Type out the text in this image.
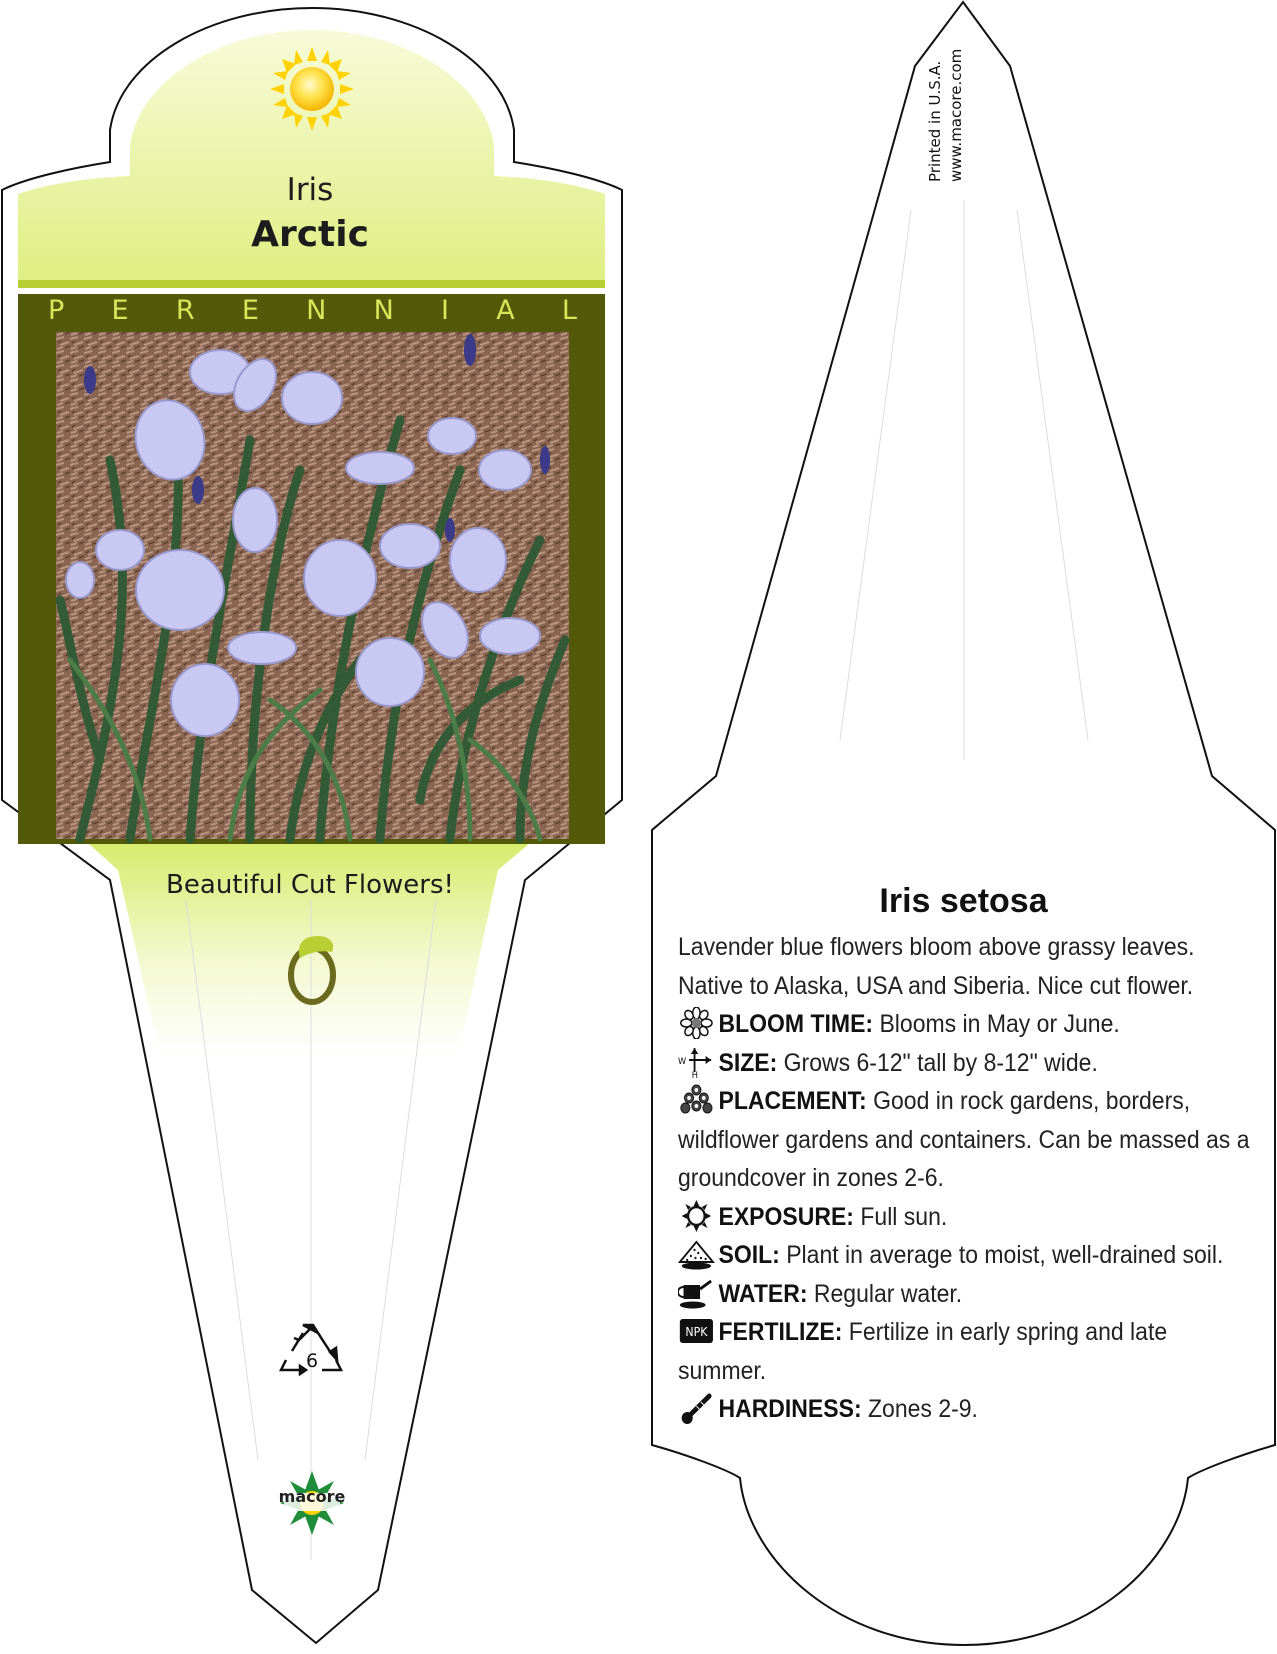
Iris
Arctic
P E R E N N I A L
Beautiful Cut Flowers!
6
macore
Printed in U.S.A. www.macore.com
Iris setosa

Lavender blue flowers bloom above grassy leaves. Native to Alaska, USA and Siberia. Nice cut flower.

BLOOM TIME: Blooms in May or June.

W
H SIZE: Grows 6-12" tall by 8-12" wide.

PLACEMENT: Good in rock gardens, borders, wildflower gardens and containers. Can be massed as a groundcover in zones 2-6.

EXPOSURE: Full sun.

SOIL: Plant in average to moist, well-drained soil.

WATER: Regular water.

NPK FERTILIZE: Fertilize in early spring and late summer.

HARDINESS: Zones 2-9.
